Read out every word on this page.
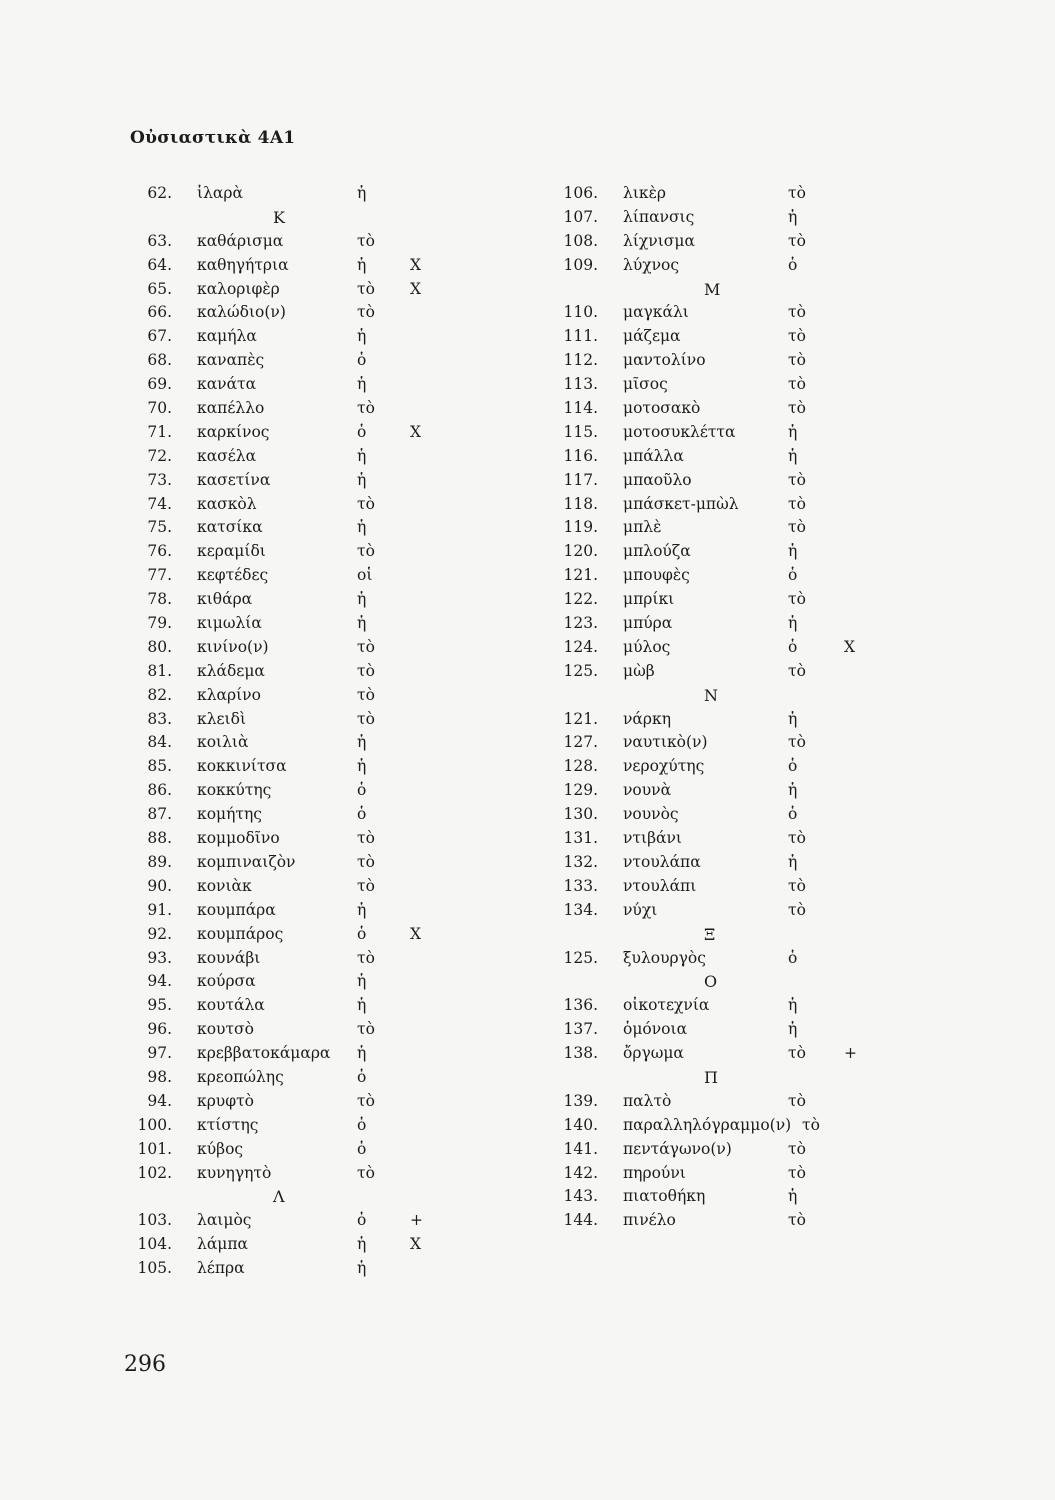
Οὐσιαστικὰ 4Α1
62. ἱλαρὰ	ἡ
Κ
63. καθάρισμα	τὸ
64. καθηγήτρια	ἡ	Χ
65. καλοριφὲρ	τὸ Χ
66. καλώδιο(ν)	τὸ
67. καμήλα	ἡ
68. καναπὲς	ὁ
69. κανάτα	ἡ
70. καπέλλο	τὸ
71. καρκίνος	ὁ	Χ
72. κασέλα	ἡ
73. κασετίνα	ἡ
74. κασκὸλ	τὸ
75. κατσίκα	ἡ
76. κεραμίδι	τὸ
77. κεφτέδες	οἱ
78. κιθάρα	ἡ
79. κιμωλία	ἡ
80. κινίνο(ν)	τὸ
81. κλάδεμα	τὸ
82. κλαρίνο	τὸ
83. κλειδὶ	τὸ
84. κοιλιὰ	ἡ
85. κοκκινίτσα	ἡ
86. κοκκύτης	ὁ
87. κομήτης	ὁ
88. κομμοδῖνο	τὸ
89. κομπιναιζὸν	τὸ
90. κονιὰκ	τὸ
91. κουμπάρα	ἡ
92. κουμπάρος	ὁ	Χ
93. κουνάβι	τὸ
94. κούρσα	ἡ
95. κουτάλα	ἡ
96. κουτσὸ	τὸ
97. κρεββατοκάμαρα ἡ
98. κρεοπώλης	ὁ
94. κρυφτὸ	τὸ
100. κτίστης	ὁ
101. κύβος	ὁ
102. κυνηγητὸ	τὸ
Λ
103. λαιμὸς	ὁ	+
104. λάμπα	ἡ	Χ
105. λέπρα	ἡ
106. λικὲρ	τὸ
107. λίπανσις	ἡ
108. λίχνισμα	τὸ
109. λύχνος	ὁ
Μ
110. μαγκάλι	τὸ
111. μάζεμα	τὸ
112. μαντολίνο	τὸ
113. μῖσος	τὸ
114. μοτοσακὸ	τὸ
115. μοτοσυκλέττα	ἡ
116. μπάλλα	ἡ
117. μπαοῦλο	τὸ
118. μπάσκετ-μπὼλ	τὸ
119. μπλὲ	τὸ
120. μπλούζα	ἡ
121. μπουφὲς	ὁ
122. μπρίκι	τὸ
123. μπύρα	ἡ
124. μύλος	ὁ	Χ
125. μὼβ	τὸ
Ν
121. νάρκη	ἡ
127. ναυτικὸ(ν)	τὸ
128. νεροχύτης	ὁ
129. νουνὰ	ἡ
130. νουνὸς	ὁ
131. ντιβάνι	τὸ
132. ντουλάπα	ἡ
133. ντουλάπι	τὸ
134. νύχι	τὸ
Ξ
125. ξυλουργὸς	ὁ
Ο
136. οἰκοτεχνία	ἡ
137. ὁμόνοια	ἡ
138. ὄργωμα	τὸ +
Π
139. παλτὸ	τὸ
140. παραλληλόγραμμο(ν) τὸ
141. πεντάγωνο(ν)	τὸ
142. πηρούνι	τὸ
143. πιατοθήκη	ἡ
144. πινέλο	τὸ
296
